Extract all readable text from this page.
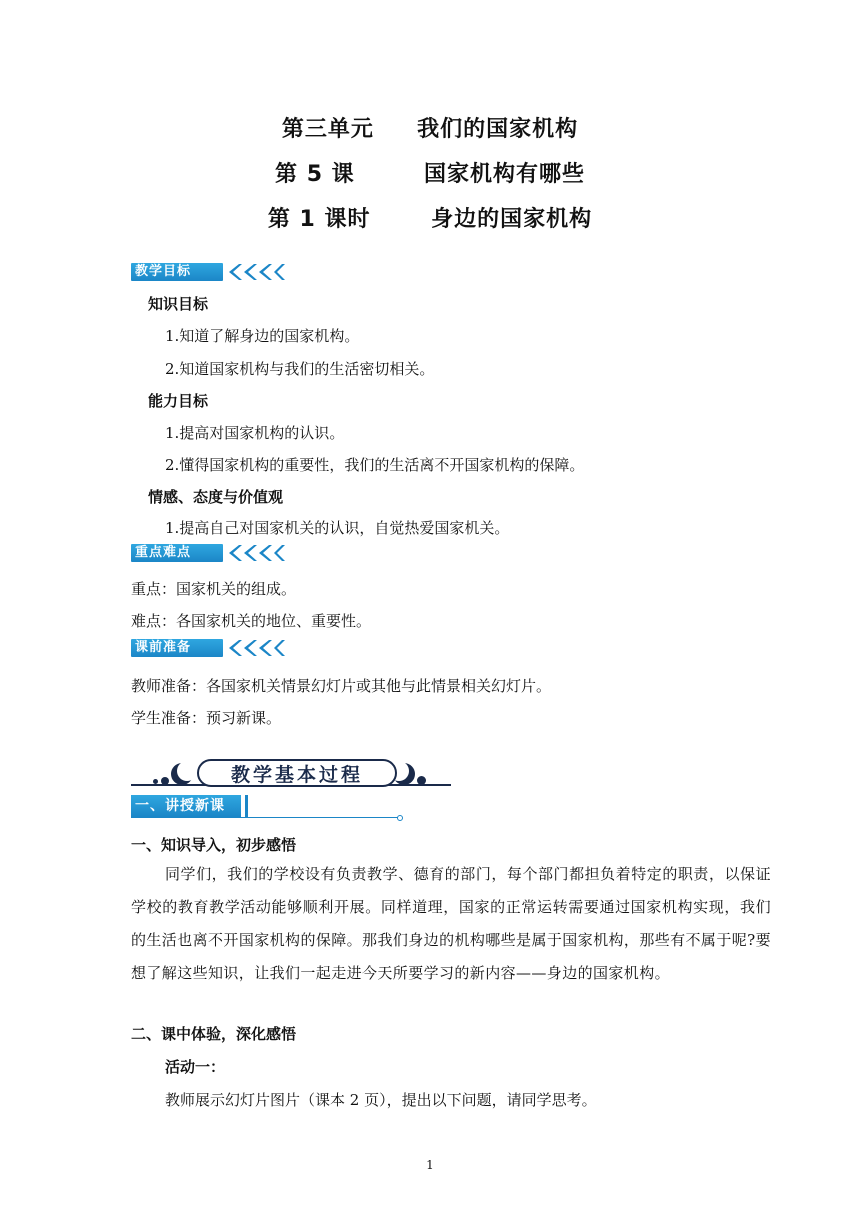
第三单元     我们的国家机构
第 5 课        国家机构有哪些
第 1 课时       身边的国家机构
教学目标
知识目标
1.知道了解身边的国家机构。
2.知道国家机构与我们的生活密切相关。
能力目标
1.提高对国家机构的认识。
2.懂得国家机构的重要性，我们的生活离不开国家机构的保障。
情感、态度与价值观
1.提高自己对国家机关的认识，自觉热爱国家机关。
重点难点
重点：国家机关的组成。
难点：各国家机关的地位、重要性。
课前准备
教师准备：各国家机关情景幻灯片或其他与此情景相关幻灯片。
学生准备：预习新课。
教学基本过程
一、讲授新课
一、知识导入，初步感悟
同学们，我们的学校设有负责教学、德育的部门，每个部门都担负着特定的职责，以保证学校的教育教学活动能够顺利开展。同样道理，国家的正常运转需要通过国家机构实现，我们的生活也离不开国家机构的保障。那我们身边的机构哪些是属于国家机构，那些有不属于呢?要想了解这些知识，让我们一起走进今天所要学习的新内容——身边的国家机构。
二、课中体验，深化感悟
活动一：
教师展示幻灯片图片（课本 2 页），提出以下问题，请同学思考。
1
